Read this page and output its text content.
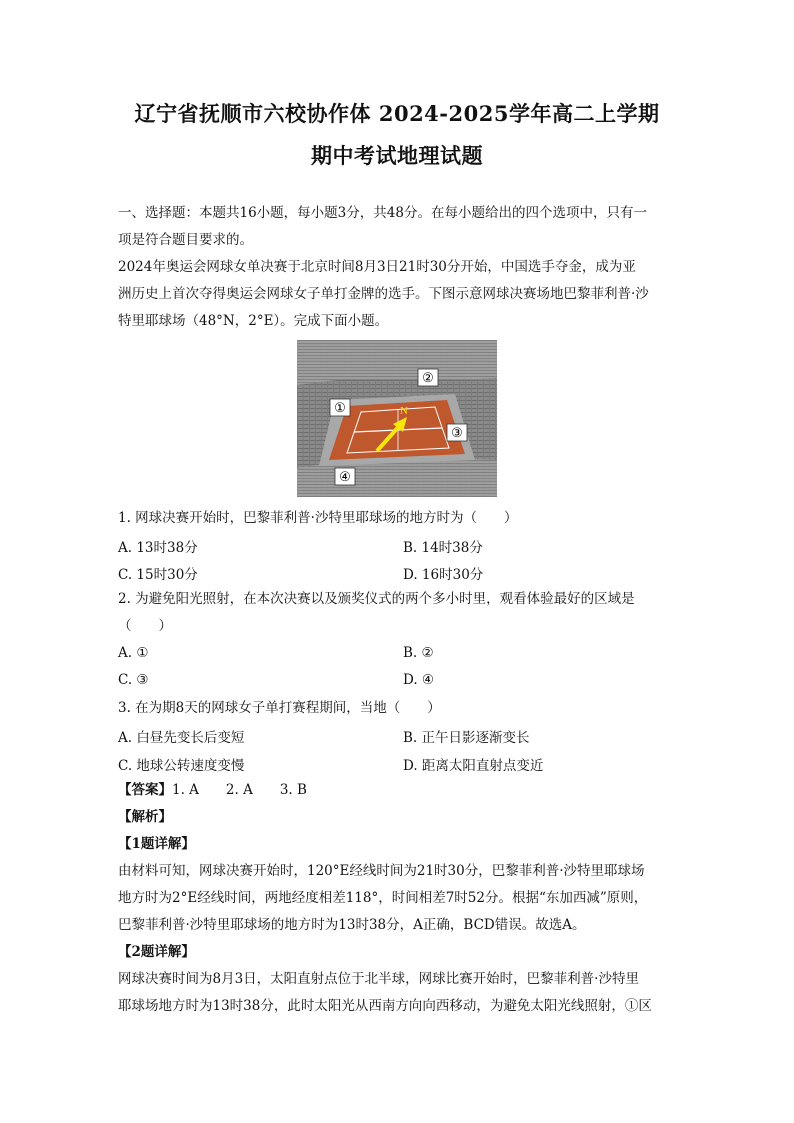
辽宁省抚顺市六校协作体 2024-2025学年高二上学期
期中考试地理试题
一、选择题：本题共16小题，每小题3分，共48分。在每小题给出的四个选项中，只有一
项是符合题目要求的。
2024年奥运会网球女单决赛于北京时间8月3日21时30分开始，中国选手夺金，成为亚
洲历史上首次夺得奥运会网球女子单打金牌的选手。下图示意网球决赛场地巴黎菲利普·沙
特里耶球场（48°N，2°E）。完成下面小题。
N
①
②
③
④
1. 网球决赛开始时，巴黎菲利普·沙特里耶球场的地方时为（　　）
A. 13时38分	B. 14时38分
C. 15时30分	D. 16时30分
2. 为避免阳光照射，在本次决赛以及颁奖仪式的两个多小时里，观看体验最好的区域是
（　　）
A. ①	B. ②
C. ③	D. ④
3. 在为期8天的网球女子单打赛程期间，当地（　　）
A. 白昼先变长后变短	B. 正午日影逐渐变长
C. 地球公转速度变慢	D. 距离太阳直射点变近
【答案】1. A　　2. A　　3. B
【解析】
【1题详解】
由材料可知，网球决赛开始时，120°E经线时间为21时30分，巴黎菲利普·沙特里耶球场
地方时为2°E经线时间，两地经度相差118°，时间相差7时52分。根据“东加西减”原则，
巴黎菲利普·沙特里耶球场的地方时为13时38分，A正确，BCD错误。故选A。
【2题详解】
网球决赛时间为8月3日，太阳直射点位于北半球，网球比赛开始时，巴黎菲利普·沙特里
耶球场地方时为13时38分，此时太阳光从西南方向向西移动，为避免太阳光线照射，①区
